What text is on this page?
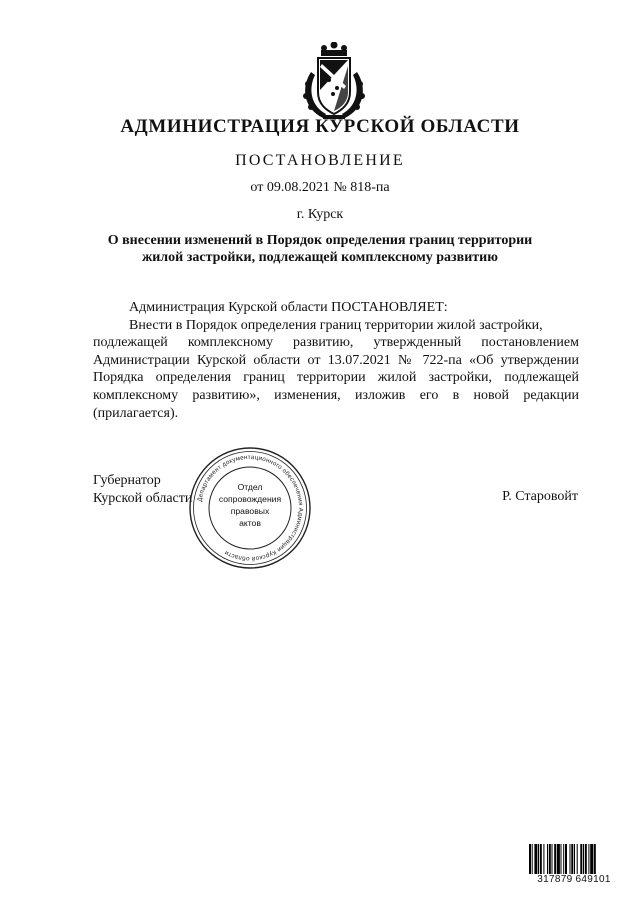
АДМИНИСТРАЦИЯ КУРСКОЙ ОБЛАСТИ
ПОСТАНОВЛЕНИЕ
от 09.08.2021 № 818-па
г. Курск
О внесении изменений в Порядок определения границ территории
жилой застройки, подлежащей комплексному развитию

Администрация Курской области ПОСТАНОВЛЯЕТ:

Внести в Порядок определения границ территории жилой застройки,

подлежащей комплексному развитию, утвержденный постановлением
Администрации Курской области от 13.07.2021 № 722-па «Об утверждении
Порядка определения границ территории жилой застройки, подлежащей
комплексному развитию», изменения, изложив его в новой редакции
(прилагается).
Губернатор
Курской области	Р. Старовойт
Департамент документационного обеспечения Администрации Курской области
Отдел
сопровождения
правовых
актов
317879 649101
